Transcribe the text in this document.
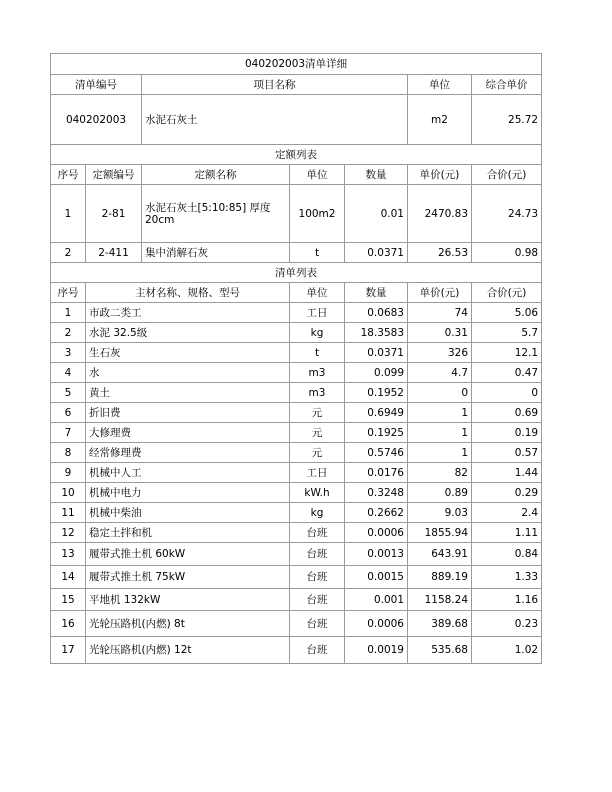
040202003清单详细						
清单编号		项目名称			单位	综合单价
040202003		水泥石灰土			m2	25.72
定额列表						
序号	定额编号	定额名称	单位	数量	单价(元)	合价(元)
1	2-81	水泥石灰土[5:10:85] 厚度20cm	100m2	0.01	2470.83	24.73
2	2-411	集中消解石灰	t	0.0371	26.53	0.98
清单列表						
序号	主材名称、规格、型号		单位	数量	单价(元)	合价(元)
1	市政二类工		工日	0.0683	74	5.06
2	水泥 32.5级		kg	18.3583	0.31	5.7
3	生石灰		t	0.0371	326	12.1
4	水		m3	0.099	4.7	0.47
5	黄土		m3	0.1952	0	0
6	折旧费		元	0.6949	1	0.69
7	大修理费		元	0.1925	1	0.19
8	经常修理费		元	0.5746	1	0.57
9	机械中人工		工日	0.0176	82	1.44
10	机械中电力		kW.h	0.3248	0.89	0.29
11	机械中柴油		kg	0.2662	9.03	2.4
12	稳定土拌和机		台班	0.0006	1855.94	1.11
13	履带式推土机 60kW		台班	0.0013	643.91	0.84
14	履带式推土机 75kW		台班	0.0015	889.19	1.33
15	平地机 132kW		台班	0.001	1158.24	1.16
16	光轮压路机(内燃) 8t		台班	0.0006	389.68	0.23
17	光轮压路机(内燃) 12t		台班	0.0019	535.68	1.02
